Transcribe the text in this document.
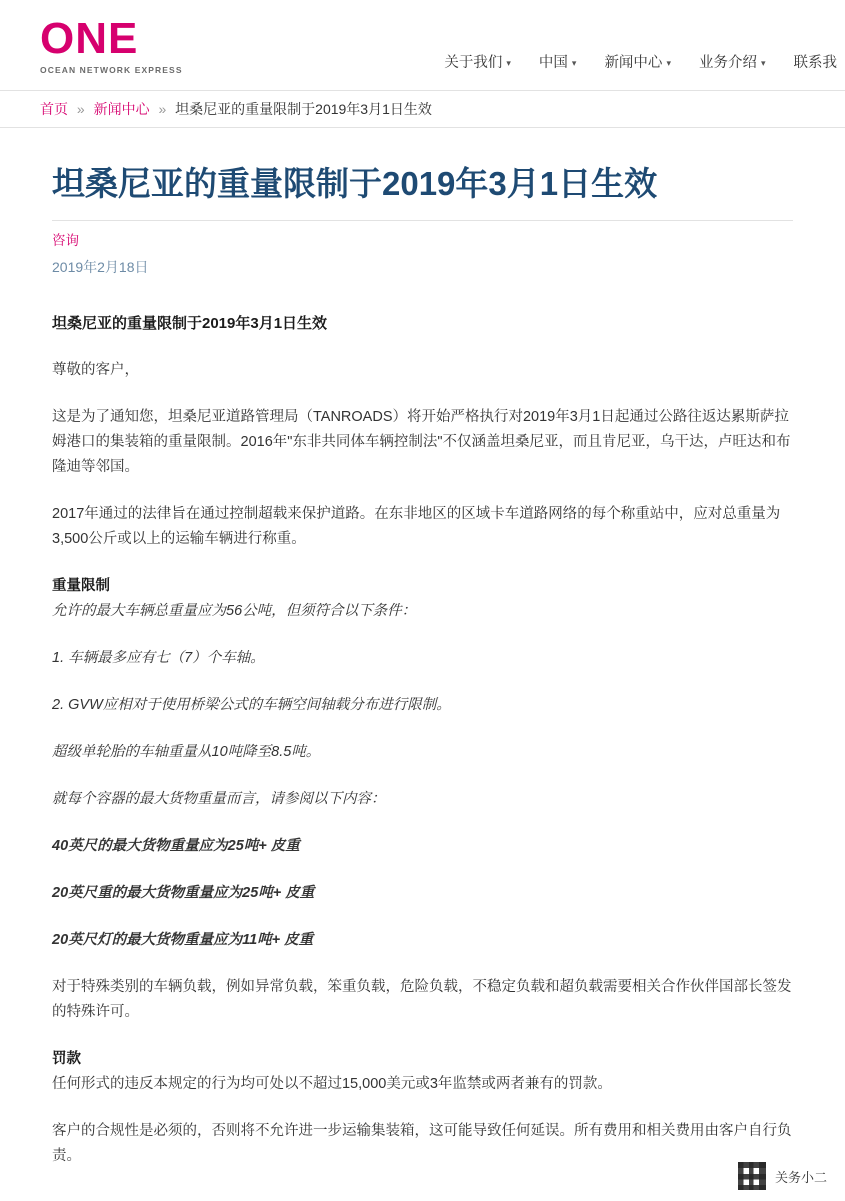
ONE
OCEAN NETWORK EXPRESS	关于我们 ▾ 中国 ▾ 新闻中心 ▾ 业务介绍 ▾ 联系我
首页 » 新闻中心 » 坦桑尼亚的重量限制于2019年3月1日生效
坦桑尼亚的重量限制于2019年3月1日生效
咨询
2019年2月18日

坦桑尼亚的重量限制于2019年3月1日生效

尊敬的客户，

这是为了通知您，坦桑尼亚道路管理局（TANROADS）将开始严格执行对2019年3月1日起通过公路往返达累斯萨拉姆港口的集装箱的重量限制。2016年"东非共同体车辆控制法"不仅涵盖坦桑尼亚，而且肯尼亚，乌干达，卢旺达和布隆迪等邻国。

2017年通过的法律旨在通过控制超载来保护道路。在东非地区的区域卡车道路网络的每个称重站中，应对总重量为3,500公斤或以上的运输车辆进行称重。

重量限制

允许的最大车辆总重量应为56公吨，但须符合以下条件：

1. 车辆最多应有七（7）个车轴。

2. GVW应相对于使用桥梁公式的车辆空间轴载分布进行限制。

超级单轮胎的车轴重量从10吨降至8.5吨。

就每个容器的最大货物重量而言，请参阅以下内容：

40英尺的最大货物重量应为25吨+ 皮重

20英尺重的最大货物重量应为25吨+ 皮重

20英尺灯的最大货物重量应为11吨+ 皮重

对于特殊类别的车辆负载，例如异常负载，笨重负载，危险负载，不稳定负载和超负载需要相关合作伙伴国部长签发的特殊许可。

罚款

任何形式的违反本规定的行为均可处以不超过15,000美元或3年监禁或两者兼有的罚款。

客户的合规性是必须的，否则将不允许进一步运输集装箱，这可能导致任何延误。所有费用和相关费用由客户自行负责。

关务小二
